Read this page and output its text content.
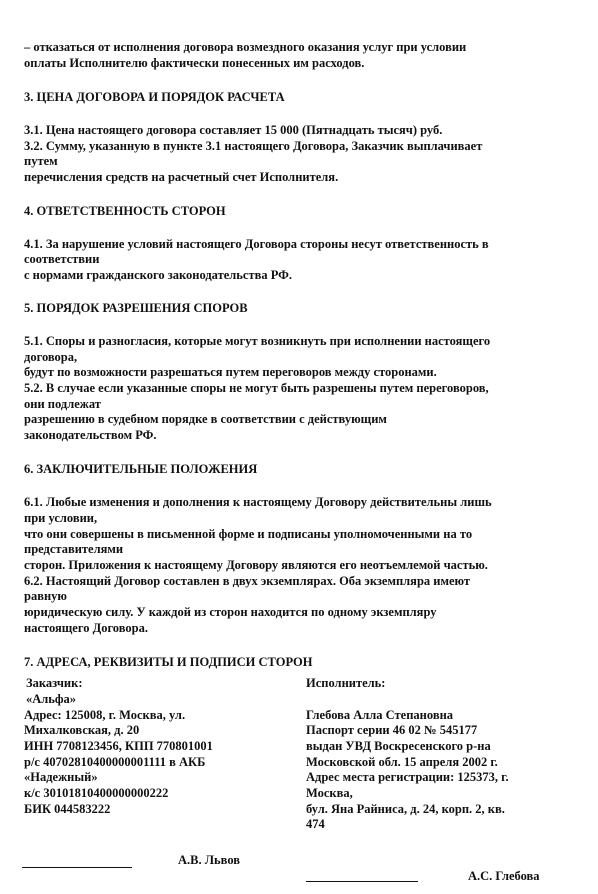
– отказаться от исполнения договора возмездного оказания услуг при условии
оплаты Исполнителю фактически понесенных им расходов.
3. ЦЕНА ДОГОВОРА И ПОРЯДОК РАСЧЕТА
3.1. Цена настоящего договора составляет 15 000 (Пятнадцать тысяч) руб.
3.2. Сумму, указанную в пункте 3.1 настоящего Договора, Заказчик выплачивает
путем
перечисления средств на расчетный счет Исполнителя.
4. ОТВЕТСТВЕННОСТЬ СТОРОН
4.1. За нарушение условий настоящего Договора стороны несут ответственность в
соответствии
с нормами гражданского законодательства РФ.
5. ПОРЯДОК РАЗРЕШЕНИЯ СПОРОВ
5.1. Споры и разногласия, которые могут возникнуть при исполнении настоящего
договора,
будут по возможности разрешаться путем переговоров между сторонами.
5.2. В случае если указанные споры не могут быть разрешены путем переговоров,
они подлежат
разрешению в судебном порядке в соответствии с действующим
законодательством РФ.
6. ЗАКЛЮЧИТЕЛЬНЫЕ ПОЛОЖЕНИЯ
6.1. Любые изменения и дополнения к настоящему Договору действительны лишь
при условии,
что они совершены в письменной форме и подписаны уполномоченными на то
представителями
сторон. Приложения к настоящему Договору являются его неотъемлемой частью.
6.2. Настоящий Договор составлен в двух экземплярах. Оба экземпляра имеют
равную
юридическую силу. У каждой из сторон находится по одному экземпляру
настоящего Договора.
7. АДРЕСА, РЕКВИЗИТЫ И ПОДПИСИ СТОРОН
Заказчик:
«Альфа»
Адрес: 125008, г. Москва, ул.
Михалковская, д. 20
ИНН 7708123456, КПП 770801001
р/с 40702810400000001111 в АКБ
«Надежный»
к/с 30101810400000000222
БИК 044583222
Исполнитель:
Глебова Алла Степановна
Паспорт серии 46 02 № 545177
выдан УВД Воскресенского р-на
Московской обл. 15 апреля 2002 г.
Адрес места регистрации: 125373, г.
Москва,
бул. Яна Райниса, д. 24, корп. 2, кв.
474
А.В. Львов
А.С. Глебова
